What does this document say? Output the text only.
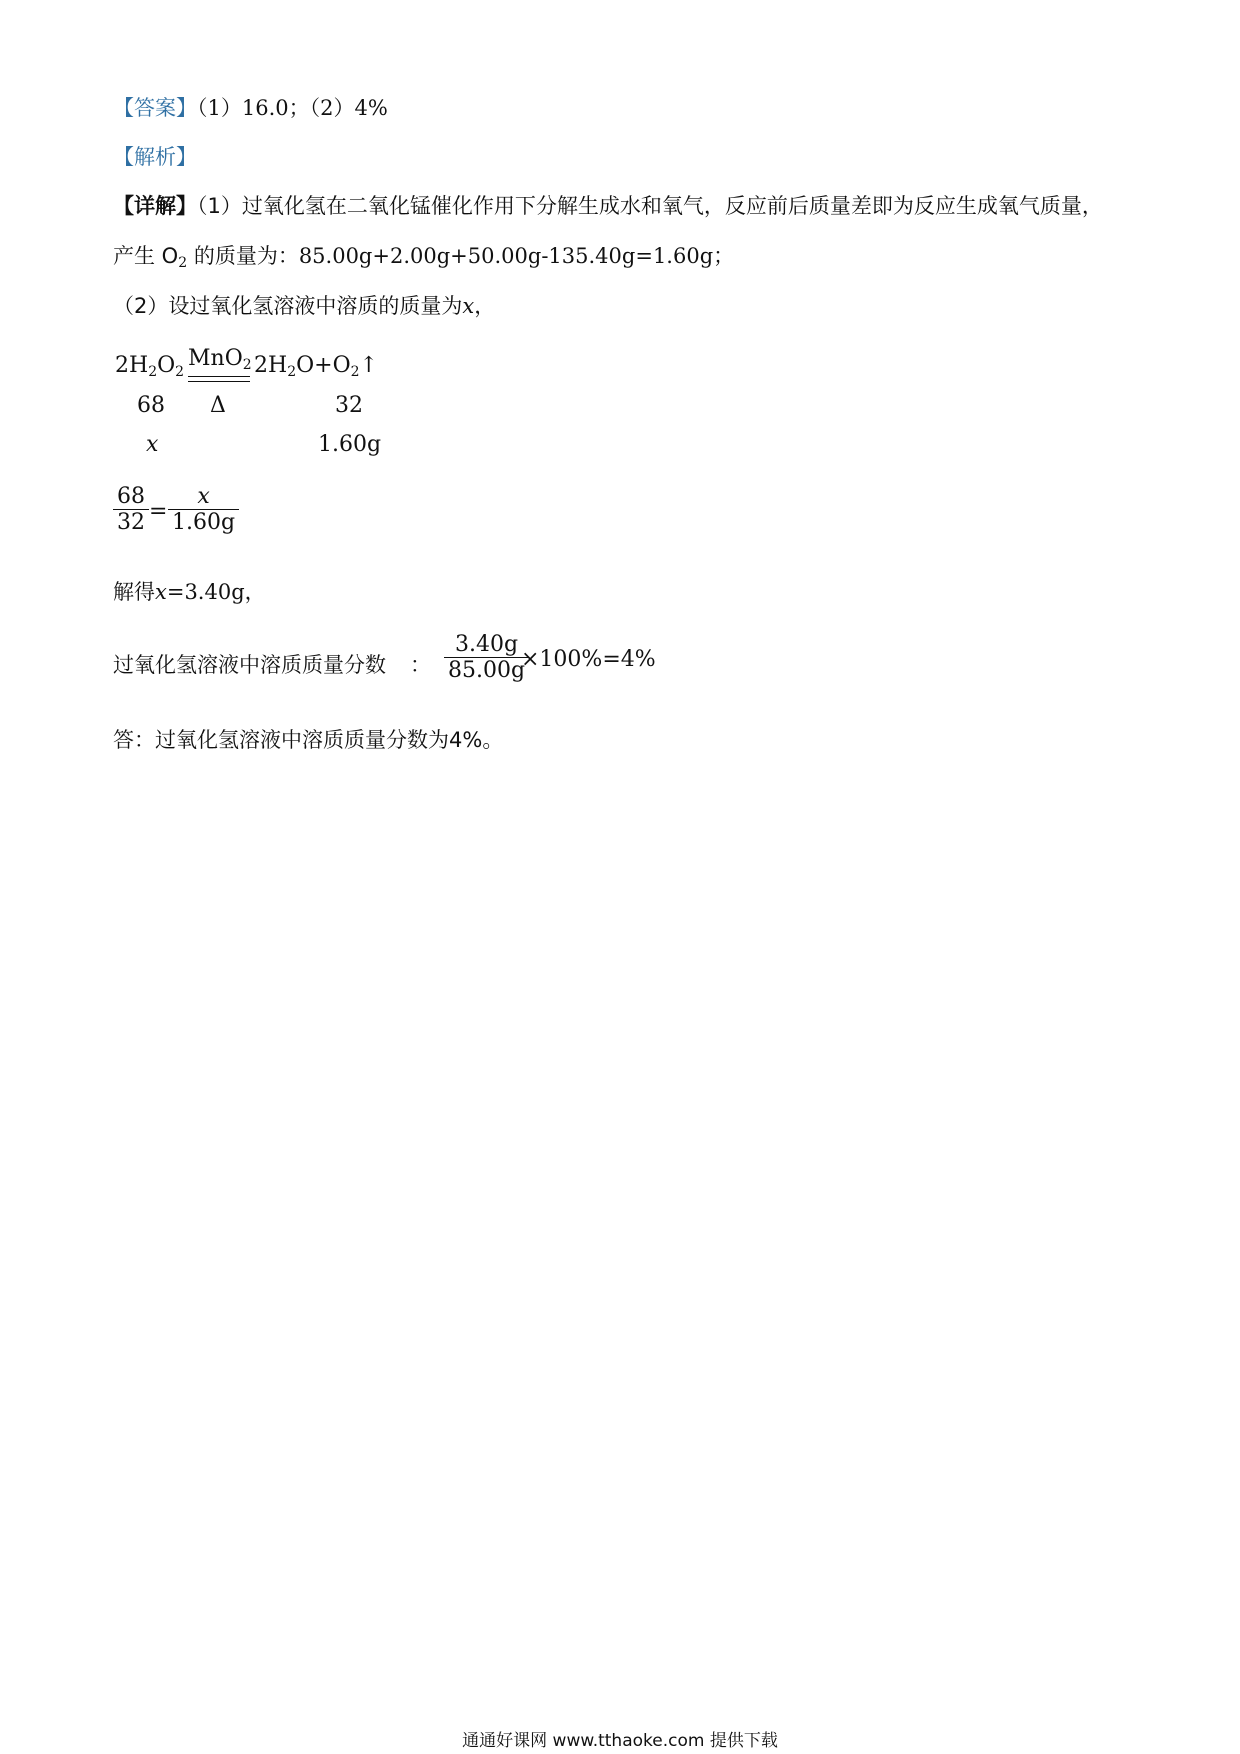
【答案】（1）16.0；（2）4%
【解析】
【详解】（1）过氧化氢在二氧化锰催化作用下分解生成水和氧气，反应前后质量差即为反应生成氧气质量，
产生 $O_2$ 的质量为：85.00g+2.00g+50.00g-135.40g=1.60g；
（2）设过氧化氢溶液中溶质的质量为x，
$2H_2O_2$
MnO$_2$ $2H_2O+O_2↑$
68 Δ	32
x	1.60g
68
32 =
x
1.60g
解得x=3.40g，
过氧化氢溶液中溶质质量分数 ：
3.40g
85.00g
×100%=4%
答：过氧化氢溶液中溶质质量分数为4%。
通通好课网 www.tthaoke.com 提供下载
